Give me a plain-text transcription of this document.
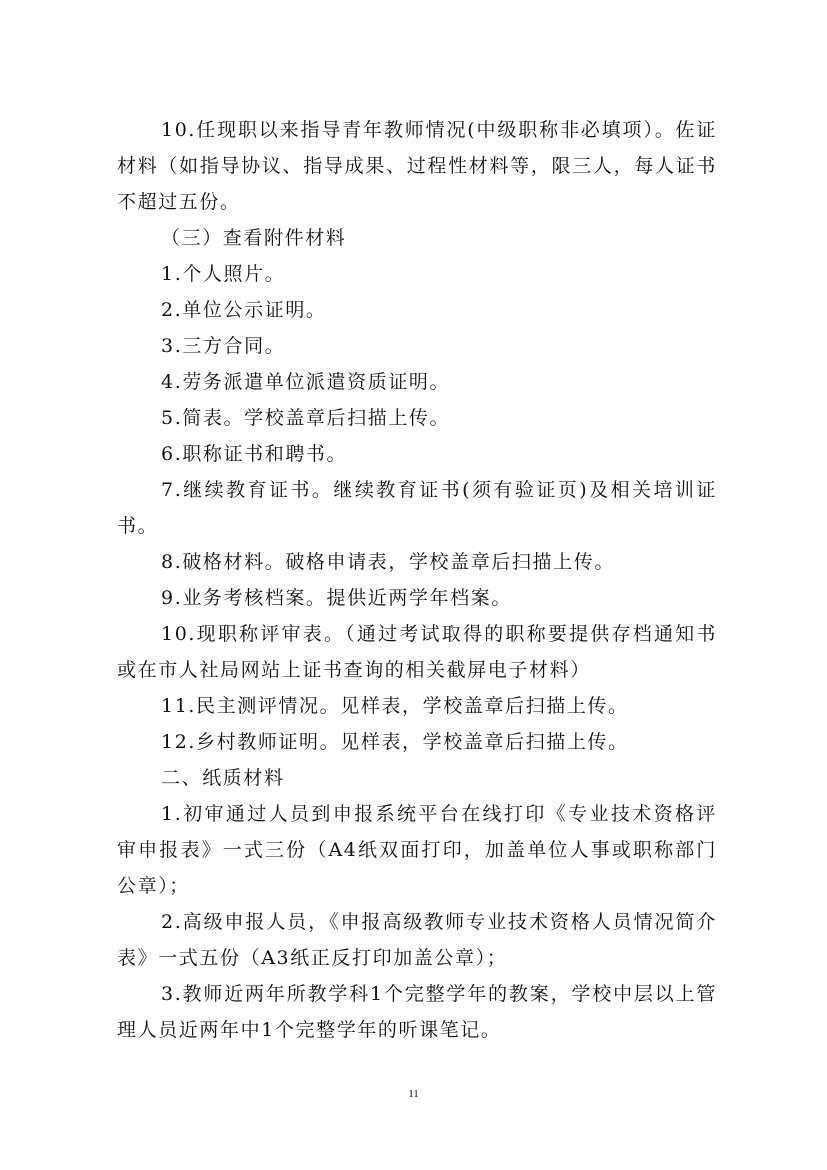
10.任现职以来指导青年教师情况(中级职称非必填项）。佐证材料（如指导协议、指导成果、过程性材料等，限三人，每人证书不超过五份。

（三）查看附件材料

1.个人照片。

2.单位公示证明。

3.三方合同。

4.劳务派遣单位派遣资质证明。

5.简表。学校盖章后扫描上传。

6.职称证书和聘书。

7.继续教育证书。继续教育证书(须有验证页)及相关培训证书。

8.破格材料。破格申请表，学校盖章后扫描上传。

9.业务考核档案。提供近两学年档案。

10.现职称评审表。（通过考试取得的职称要提供存档通知书或在市人社局网站上证书查询的相关截屏电子材料）

11.民主测评情况。见样表，学校盖章后扫描上传。

12.乡村教师证明。见样表，学校盖章后扫描上传。

二、纸质材料

1.初审通过人员到申报系统平台在线打印《专业技术资格评审申报表》一式三份（A4纸双面打印，加盖单位人事或职称部门公章）；

2.高级申报人员，《申报高级教师专业技术资格人员情况简介表》一式五份（A3纸正反打印加盖公章）；

3.教师近两年所教学科1个完整学年的教案，学校中层以上管理人员近两年中1个完整学年的听课笔记。

11
